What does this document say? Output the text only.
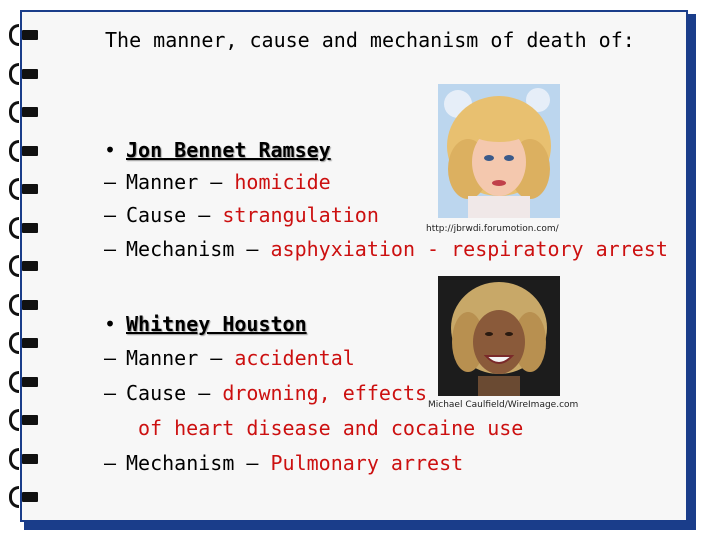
The manner, cause and mechanism of death of:
• Jon Bennet Ramsey
– Manner – homicide
– Cause – strangulation
– Mechanism – asphyxiation - respiratory arrest
http://jbrwdi.forumotion.com/
• Whitney Houston
– Manner – accidental
– Cause – drowning, effects
of heart disease and cocaine use
– Mechanism – Pulmonary arrest
Michael Caulfield/WireImage.com
